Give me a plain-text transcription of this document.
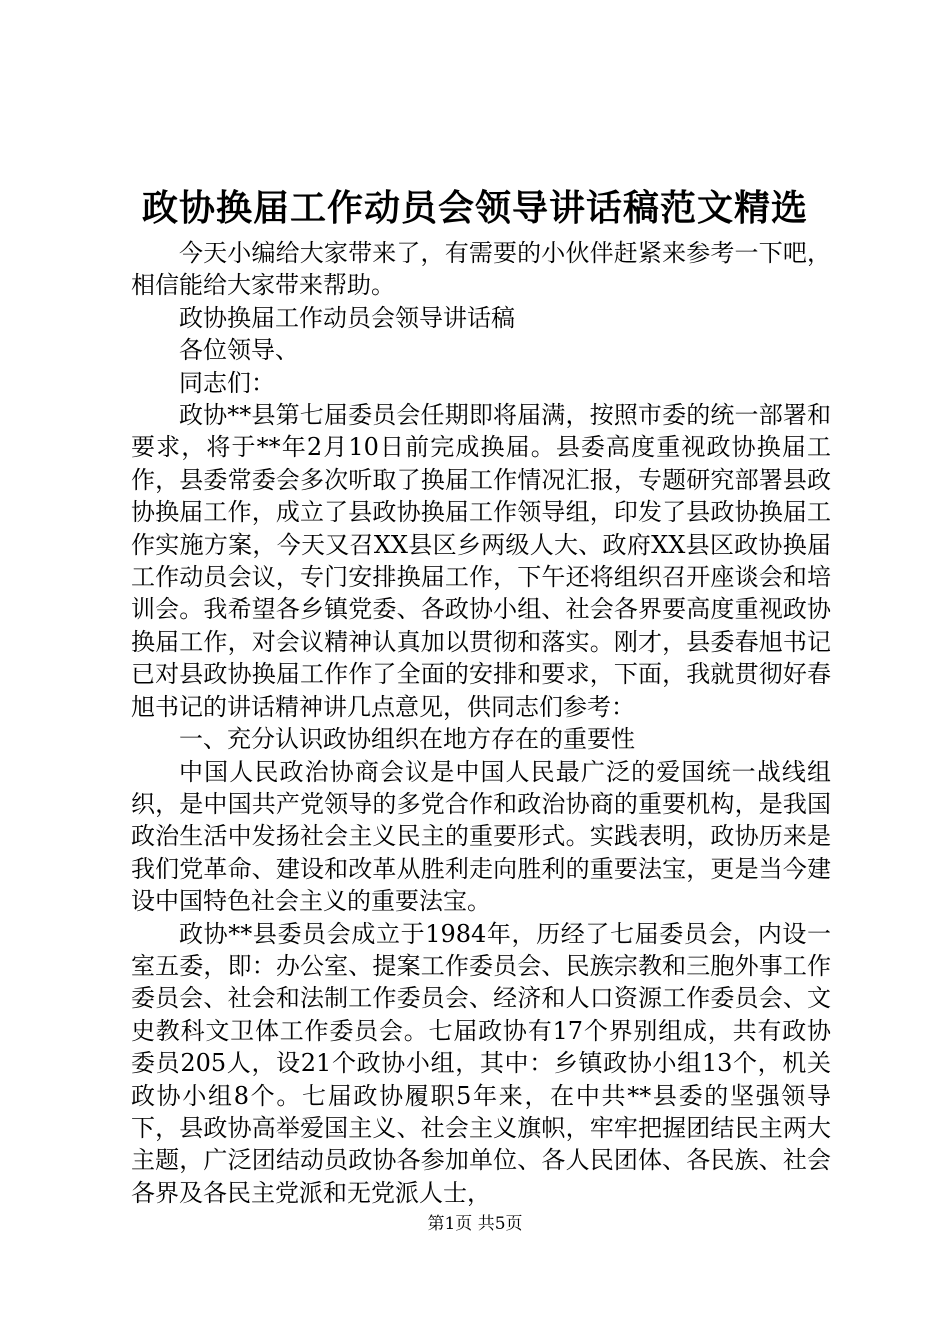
政协换届工作动员会领导讲话稿范文精选

今天小编给大家带来了，有需要的小伙伴赶紧来参考一下吧，相信能给大家带来帮助。

政协换届工作动员会领导讲话稿

各位领导、

同志们：

政协**县第七届委员会任期即将届满，按照市委的统一部署和要求，将于**年2月10日前完成换届。县委高度重视政协换届工作，县委常委会多次听取了换届工作情况汇报，专题研究部署县政协换届工作，成立了县政协换届工作领导组，印发了县政协换届工作实施方案，今天又召XX县区乡两级人大、政府XX县区政协换届工作动员会议，专门安排换届工作，下午还将组织召开座谈会和培训会。我希望各乡镇党委、各政协小组、社会各界要高度重视政协换届工作，对会议精神认真加以贯彻和落实。刚才，县委春旭书记已对县政协换届工作作了全面的安排和要求，下面，我就贯彻好春旭书记的讲话精神讲几点意见，供同志们参考：

一、充分认识政协组织在地方存在的重要性

中国人民政治协商会议是中国人民最广泛的爱国统一战线组织，是中国共产党领导的多党合作和政治协商的重要机构，是我国政治生活中发扬社会主义民主的重要形式。实践表明，政协历来是我们党革命、建设和改革从胜利走向胜利的重要法宝，更是当今建设中国特色社会主义的重要法宝。

政协**县委员会成立于1984年，历经了七届委员会，内设一室五委，即：办公室、提案工作委员会、民族宗教和三胞外事工作委员会、社会和法制工作委员会、经济和人口资源工作委员会、文史教科文卫体工作委员会。七届政协有17个界别组成，共有政协委员205人，设21个政协小组，其中：乡镇政协小组13个，机关政协小组8个。七届政协履职5年来，在中共**县委的坚强领导下，县政协高举爱国主义、社会主义旗帜，牢牢把握团结民主两大主题，广泛团结动员政协各参加单位、各人民团体、各民族、社会各界及各民主党派和无党派人士，

第1页 共5页
